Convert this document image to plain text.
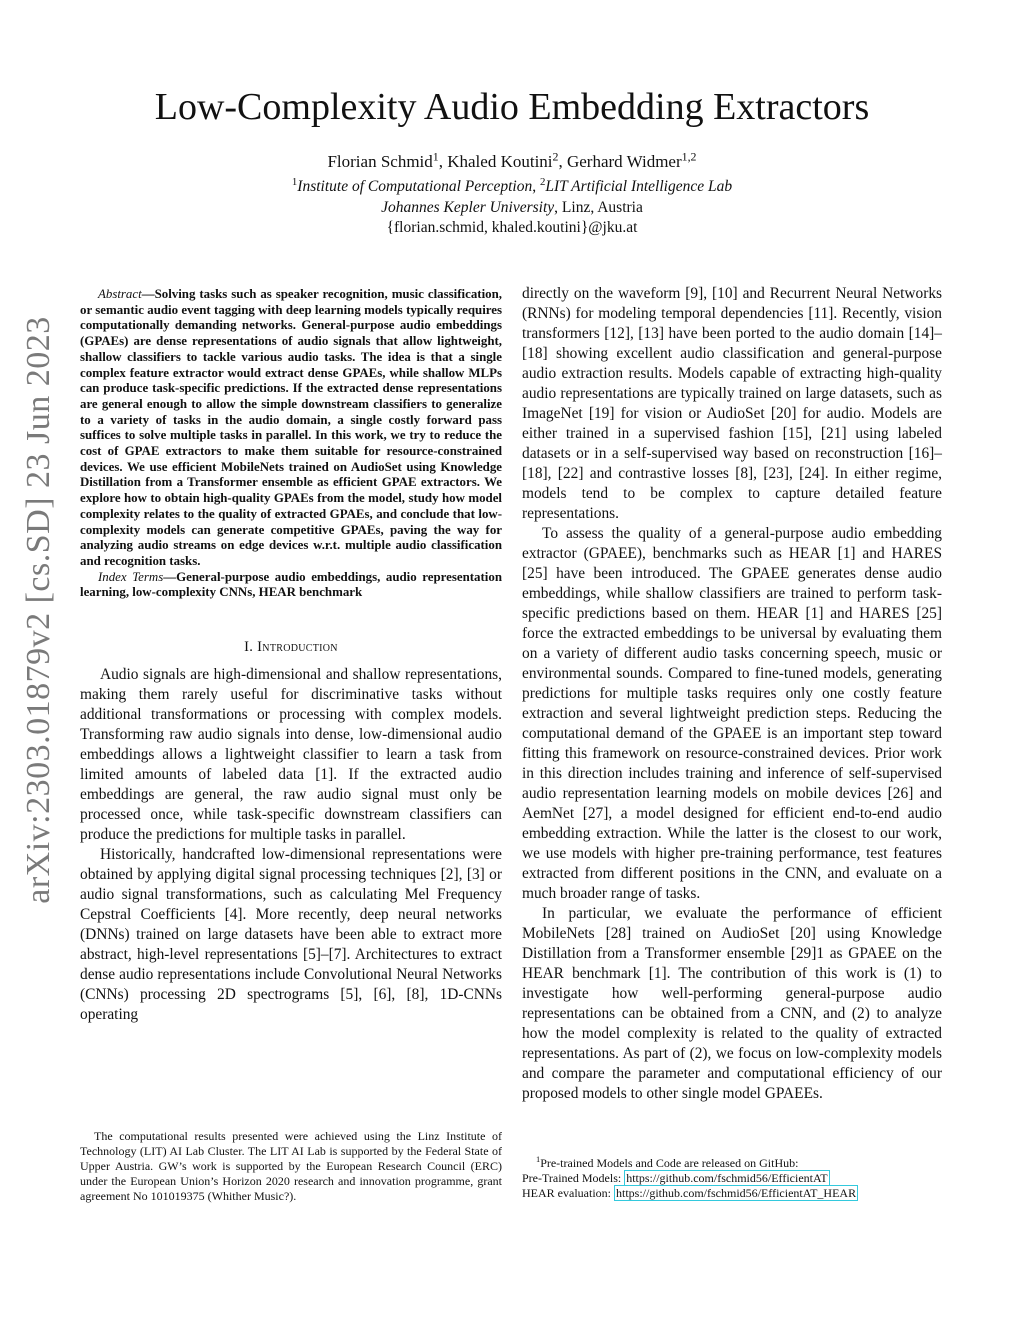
arXiv:2303.01879v2 [cs.SD] 23 Jun 2023
Low-Complexity Audio Embedding Extractors
Florian Schmid$^1$, Khaled Koutini$^2$, Gerhard Widmer$^{1,2}$
$^1$Institute of Computational Perception, $^2$LIT Artificial Intelligence Lab
Johannes Kepler University, Linz, Austria
{florian.schmid, khaled.koutini}@jku.at

Abstract—Solving tasks such as speaker recognition, music classification, or semantic audio event tagging with deep learning models typically requires computationally demanding networks. General-purpose audio embeddings (GPAEs) are dense representations of audio signals that allow lightweight, shallow classifiers to tackle various audio tasks. The idea is that a single complex feature extractor would extract dense GPAEs, while shallow MLPs can produce task-specific predictions. If the extracted dense representations are general enough to allow the simple downstream classifiers to generalize to a variety of tasks in the audio domain, a single costly forward pass suffices to solve multiple tasks in parallel. In this work, we try to reduce the cost of GPAE extractors to make them suitable for resource-constrained devices. We use efficient MobileNets trained on AudioSet using Knowledge Distillation from a Transformer ensemble as efficient GPAE extractors. We explore how to obtain high-quality GPAEs from the model, study how model complexity relates to the quality of extracted GPAEs, and conclude that low-complexity models can generate competitive GPAEs, paving the way for analyzing audio streams on edge devices w.r.t. multiple audio classification and recognition tasks.

Index Terms—General-purpose audio embeddings, audio representation learning, low-complexity CNNs, HEAR benchmark

I. Introduction

Audio signals are high-dimensional and shallow representations, making them rarely useful for discriminative tasks without additional transformations or processing with complex models. Transforming raw audio signals into dense, low-dimensional audio embeddings allows a lightweight classifier to learn a task from limited amounts of labeled data [1]. If the extracted audio embeddings are general, the raw audio signal must only be processed once, while task-specific downstream classifiers can produce the predictions for multiple tasks in parallel.

Historically, handcrafted low-dimensional representations were obtained by applying digital signal processing techniques [2], [3] or audio signal transformations, such as calculating Mel Frequency Cepstral Coefficients [4]. More recently, deep neural networks (DNNs) trained on large datasets have been able to extract more abstract, high-level representations [5]–[7]. Architectures to extract dense audio representations include Convolutional Neural Networks (CNNs) processing 2D spectrograms [5], [6], [8], 1D-CNNs operating

directly on the waveform [9], [10] and Recurrent Neural Networks (RNNs) for modeling temporal dependencies [11]. Recently, vision transformers [12], [13] have been ported to the audio domain [14]–[18] showing excellent audio classification and general-purpose audio extraction results. Models capable of extracting high-quality audio representations are typically trained on large datasets, such as ImageNet [19] for vision or AudioSet [20] for audio. Models are either trained in a supervised fashion [15], [21] using labeled datasets or in a self-supervised way based on reconstruction [16]–[18], [22] and contrastive losses [8], [23], [24]. In either regime, models tend to be complex to capture detailed feature representations.

To assess the quality of a general-purpose audio embedding extractor (GPAEE), benchmarks such as HEAR [1] and HARES [25] have been introduced. The GPAEE generates dense audio embeddings, while shallow classifiers are trained to perform task-specific predictions based on them. HEAR [1] and HARES [25] force the extracted embeddings to be universal by evaluating them on a variety of different audio tasks concerning speech, music or environmental sounds. Compared to fine-tuned models, generating predictions for multiple tasks requires only one costly feature extraction and several lightweight prediction steps. Reducing the computational demand of the GPAEE is an important step toward fitting this framework on resource-constrained devices. Prior work in this direction includes training and inference of self-supervised audio representation learning models on mobile devices [26] and AemNet [27], a model designed for efficient end-to-end audio embedding extraction. While the latter is the closest to our work, we use models with higher pre-training performance, test features extracted from different positions in the CNN, and evaluate on a much broader range of tasks.

In particular, we evaluate the performance of efficient MobileNets [28] trained on AudioSet [20] using Knowledge Distillation from a Transformer ensemble [29]1 as GPAEE on the HEAR benchmark [1]. The contribution of this work is (1) to investigate how well-performing general-purpose audio representations can be obtained from a CNN, and (2) to analyze how the model complexity is related to the quality of extracted representations. As part of (2), we focus on low-complexity models and compare the parameter and computational efficiency of our proposed models to other single model GPAEEs.

The computational results presented were achieved using the Linz Institute of Technology (LIT) AI Lab Cluster. The LIT AI Lab is supported by the Federal State of Upper Austria. GW’s work is supported by the European Research Council (ERC) under the European Union’s Horizon 2020 research and innovation programme, grant agreement No 101019375 (Whither Music?).

$^1$Pre-trained Models and Code are released on GitHub:

Pre-Trained Models: https://github.com/fschmid56/EfficientAT

HEAR evaluation: https://github.com/fschmid56/EfficientAT_HEAR
